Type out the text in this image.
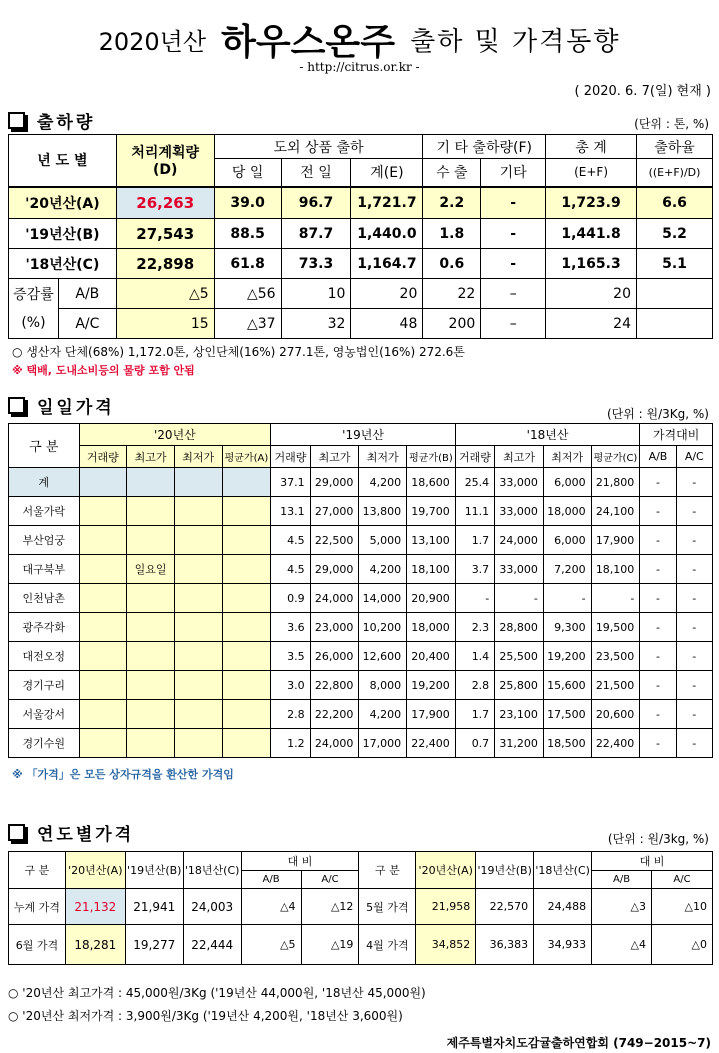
2020년산 하우스온주 출하 및 가격동향
- http://citrus.or.kr -
( 2020. 6. 7(일) 현재 )
출하량	(단위 : 톤, %)
년 도 별		처리계획량
(D)	도외 상품 출하			기 타 출하량(F)		총 계	출하율
			당 일	전 일	계(E)	수 출	기타	(E+F)	((E+F)/D)
'20년산(A)		26,263	39.0	96.7	1,721.7	2.2	-	1,723.9	6.6
'19년산(B)		27,543	88.5	87.7	1,440.0	1.8	-	1,441.8	5.2
'18년산(C)		22,898	61.8	73.3	1,164.7	0.6	-	1,165.3	5.1
증감률	A/B	△5	△56	10	20	22	–	20	
(%)	A/C	15	△37	32	48	200	–	24	
○ 생산자 단체(68%) 1,172.0톤, 상인단체(16%) 277.1톤, 영농법인(16%) 272.6톤
※ 택배, 도내소비등의 물량 포함 안됨
일일가격	(단위 : 원/3Kg, %)
구 분	'20년산				'19년산				'18년산				가격대비	
	거래량	최고가	최저가	평균가(A)	거래량	최고가	최저가	평균가(B)	거래량	최고가	최저가	평균가(C)	A/B	A/C
계					37.1	29,000	4,200	18,600	25.4	33,000	6,000	21,800	-	-
서울가락					13.1	27,000	13,800	19,700	11.1	33,000	18,000	24,100	-	-
부산엄궁					4.5	22,500	5,000	13,100	1.7	24,000	6,000	17,900	-	-
대구북부		일요일			4.5	29,000	4,200	18,100	3.7	33,000	7,200	18,100	-	-
인천남촌					0.9	24,000	14,000	20,900	-	-	-	-	-	-
광주각화					3.6	23,000	10,200	18,000	2.3	28,800	9,300	19,500	-	-
대전오정					3.5	26,000	12,600	20,400	1.4	25,500	19,200	23,500	-	-
경기구리					3.0	22,800	8,000	19,200	2.8	25,800	15,600	21,500	-	-
서울강서					2.8	22,200	4,200	17,900	1.7	23,100	17,500	20,600	-	-
경기수원					1.2	24,000	17,000	22,400	0.7	31,200	18,500	22,400	-	-
※ 「가격」은 모든 상자규격을 환산한 가격임
연도별가격	(단위 : 원/3kg, %)
구 분	'20년산(A)	'19년산(B)	'18년산(C)	대 비		구 분	'20년산(A)	'19년산(B)	'18년산(C)	대 비	
				A/B	A/C					A/B	A/C
누계 가격	21,132	21,941	24,003	△4	△12	5월 가격	21,958	22,570	24,488	△3	△10
6월 가격	18,281	19,277	22,444	△5	△19	4월 가격	34,852	36,383	34,933	△4	△0
○ '20년산 최고가격 : 45,000원/3Kg ('19년산 44,000원, '18년산 45,000원)
○ '20년산 최저가격 : 3,900원/3Kg ('19년산 4,200원, '18년산 3,600원)
제주특별자치도감귤출하연합회 (749−2015~7)
